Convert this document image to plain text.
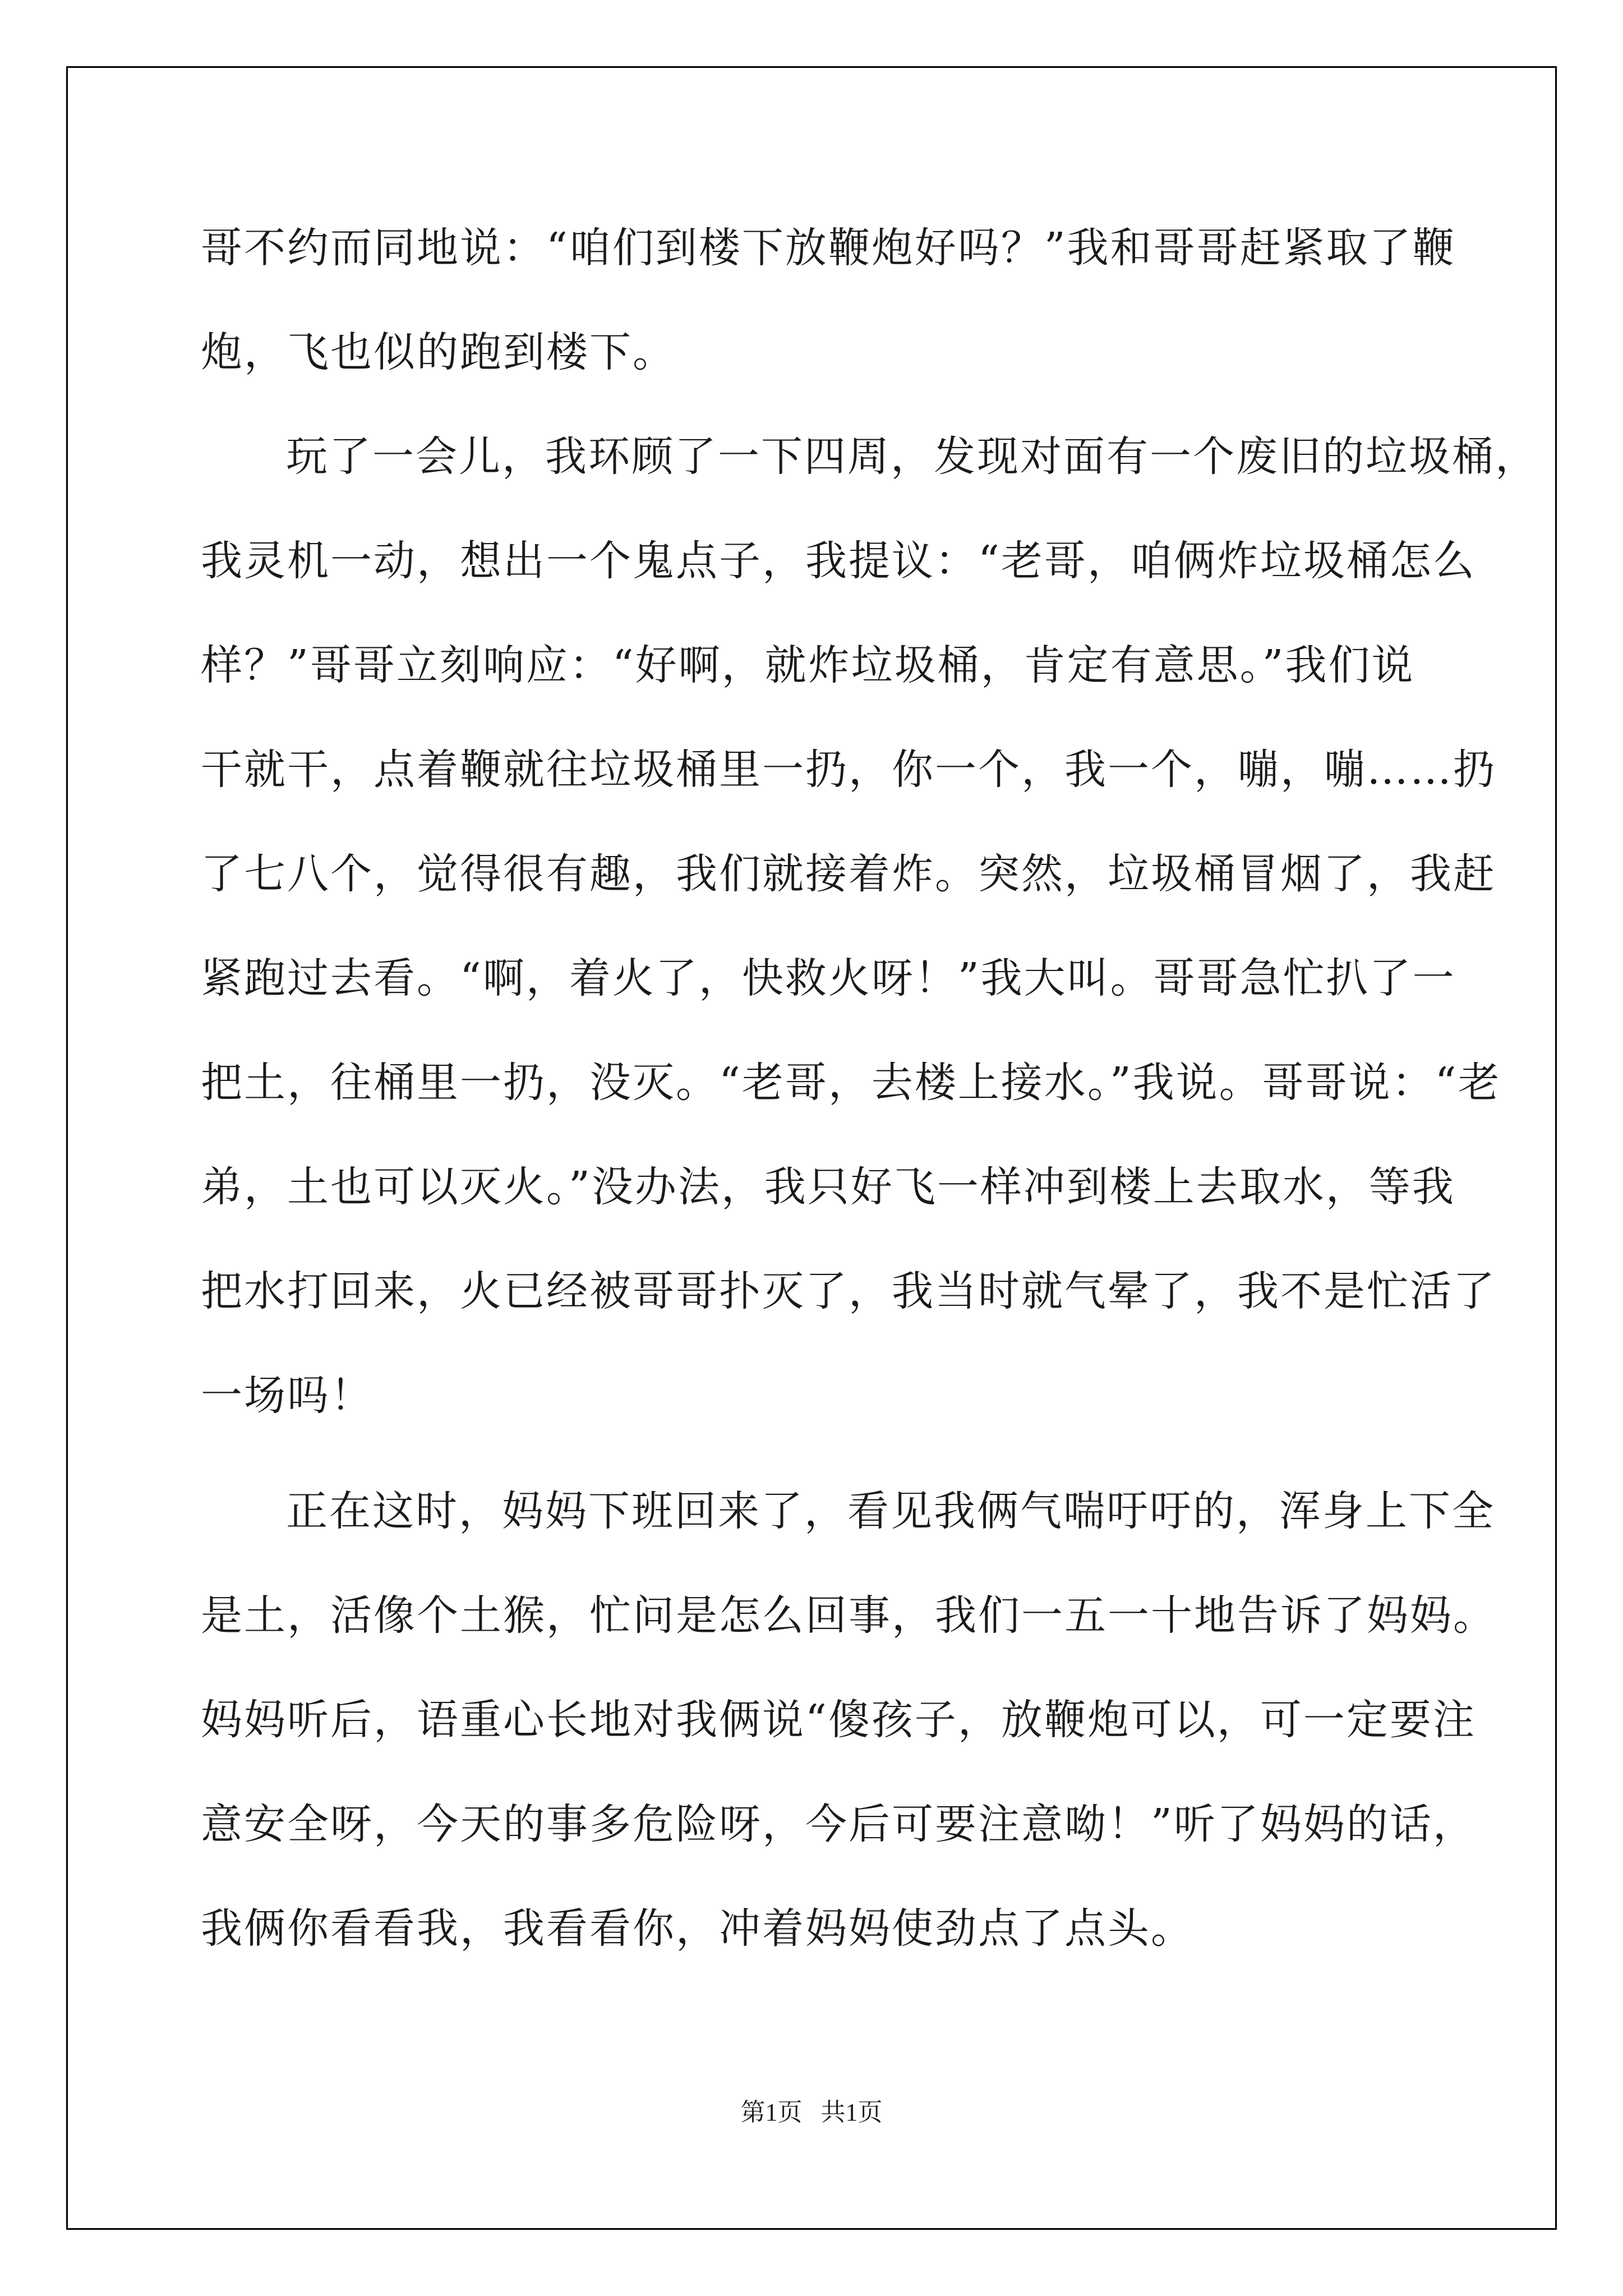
哥不约而同地说：“咱们到楼下放鞭炮好吗？”我和哥哥赶紧取了鞭

炮，飞也似的跑到楼下。

玩了一会儿，我环顾了一下四周，发现对面有一个废旧的垃圾桶，

我灵机一动，想出一个鬼点子，我提议：“老哥，咱俩炸垃圾桶怎么

样？”哥哥立刻响应：“好啊，就炸垃圾桶，肯定有意思。”我们说

干就干，点着鞭就往垃圾桶里一扔，你一个，我一个，嘣，嘣……扔

了七八个，觉得很有趣，我们就接着炸。突然，垃圾桶冒烟了，我赶

紧跑过去看。“啊，着火了，快救火呀！”我大叫。哥哥急忙扒了一

把土，往桶里一扔，没灭。“老哥，去楼上接水。”我说。哥哥说：“老

弟，土也可以灭火。”没办法，我只好飞一样冲到楼上去取水，等我

把水打回来，火已经被哥哥扑灭了，我当时就气晕了，我不是忙活了

一场吗！

正在这时，妈妈下班回来了，看见我俩气喘吁吁的，浑身上下全

是土，活像个土猴，忙问是怎么回事，我们一五一十地告诉了妈妈。

妈妈听后，语重心长地对我俩说“傻孩子，放鞭炮可以，可一定要注

意安全呀，今天的事多危险呀，今后可要注意呦！”听了妈妈的话，

我俩你看看我，我看看你，冲着妈妈使劲点了点头。

第1页   共1页
